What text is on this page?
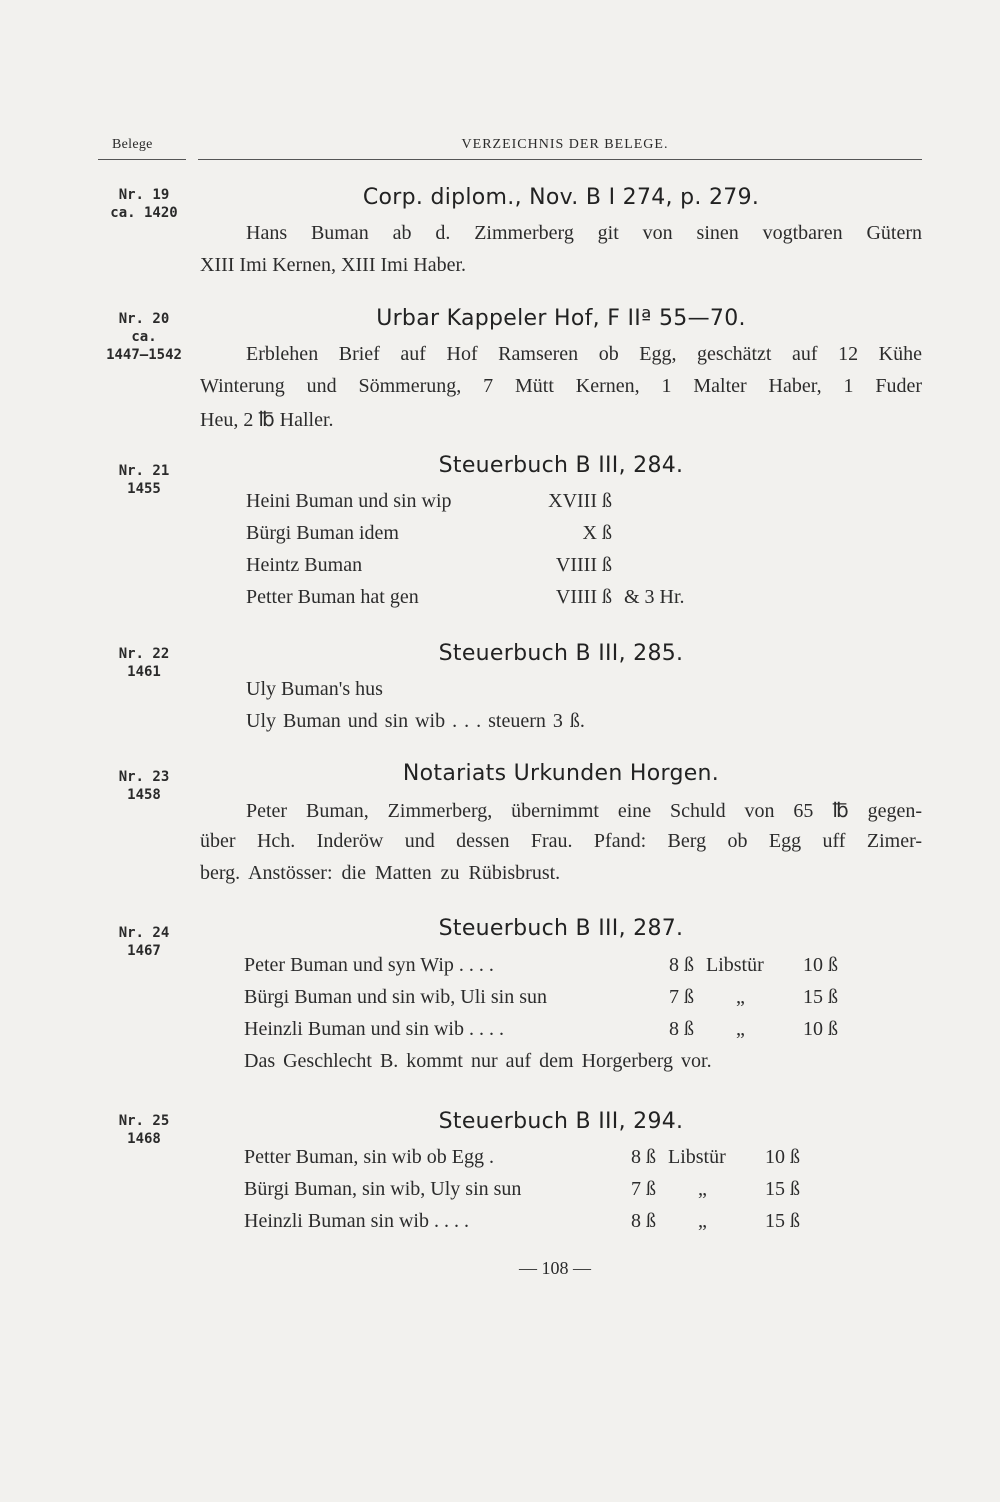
Belege	VERZEICHNIS DER BELEGE.
Nr. 19
ca. 1420
Corp. diplom., Nov. B I 274, p. 279.
Hans Buman ab d. Zimmerberg git von sinen vogtbaren Gütern
XIII Imi Kernen, XIII Imi Haber.
Nr. 20
ca.
1447—1542
Urbar Kappeler Hof, F IIª 55—70.
Erblehen Brief auf Hof Ramseren ob Egg, geschätzt auf 12 Kühe
Winterung und Sömmerung, 7 Mütt Kernen, 1 Malter Haber, 1 Fuder
Heu, 2 ℔ Haller.
Nr. 21
1455
Steuerbuch B III, 284.
Heini Buman und sin wip	XVIII ß
Bürgi Buman idem	X ß
Heintz Buman	VIIII ß
Petter Buman hat gen	VIIII ß & 3 Hr.
Nr. 22
1461
Steuerbuch B III, 285.
Uly Buman's hus
Uly Buman und sin wib . . . steuern 3 ß.
Nr. 23
1458
Notariats Urkunden Horgen.
Peter Buman, Zimmerberg, übernimmt eine Schuld von 65 ℔ gegen-
über Hch. Inderöw und dessen Frau. Pfand: Berg ob Egg uff Zimer-
berg. Anstösser: die Matten zu Rübisbrust.
Nr. 24
1467
Steuerbuch B III, 287.
Peter Buman und syn Wip . . . .	8 ß Libstür 10 ß
Bürgi Buman und sin wib, Uli sin sun	7 ß „	15 ß
Heinzli Buman und sin wib . . . .	8 ß „	10 ß
Das Geschlecht B. kommt nur auf dem Horgerberg vor.
Nr. 25
1468
Steuerbuch B III, 294.
Petter Buman, sin wib ob Egg .	8 ß Libstür 10 ß
Bürgi Buman, sin wib, Uly sin sun	7 ß „	15 ß
Heinzli Buman sin wib . . . .	8 ß „	15 ß
— 108 —
